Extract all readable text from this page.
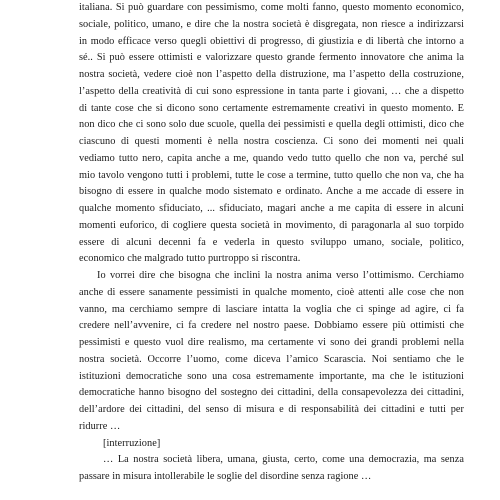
italiana. Si può guardare con pessimismo, come molti fanno, questo momento economico,
sociale, politico, umano, e dire che la nostra società è disgregata, non riesce a indirizzarsi
in modo efficace verso quegli obiettivi di progresso, di giustizia e di libertà che intorno a
sé.. Si può essere ottimisti e valorizzare questo grande fermento innovatore che anima la
nostra società, vedere cioè non l’aspetto della distruzione, ma l’aspetto della costruzione,
l’aspetto della creatività di cui sono espressione in tanta parte i giovani, … che a dispetto
di tante cose che si dicono sono certamente estremamente creativi in questo momento. E
non dico che ci sono solo due scuole, quella dei pessimisti e quella degli ottimisti, dico che
ciascuno di questi momenti è nella nostra coscienza. Ci sono dei momenti nei quali
vediamo tutto nero, capita anche a me, quando vedo tutto quello che non va, perché sul
mio tavolo vengono tutti i problemi, tutte le cose a termine, tutto quello che non va, che ha
bisogno di essere in qualche modo sistemato e ordinato. Anche a me accade di essere in
qualche momento sfiduciato, ... sfiduciato, magari anche a me capita di essere in alcuni
momenti euforico, di cogliere questa società in movimento, di paragonarla al suo torpido
essere di alcuni decenni fa e vederla in questo sviluppo umano, sociale, politico,
economico che malgrado tutto purtroppo si riscontra.
Io vorrei dire che bisogna che inclini la nostra anima verso l’ottimismo. Cerchiamo
anche di essere sanamente pessimisti in qualche momento, cioè attenti alle cose che non
vanno, ma cerchiamo sempre di lasciare intatta la voglia che ci spinge ad agire, ci fa
credere nell’avvenire, ci fa credere nel nostro paese. Dobbiamo essere più ottimisti che
pessimisti e questo vuol dire realismo, ma certamente vi sono dei grandi problemi nella
nostra società. Occorre l’uomo, come diceva l’amico Scarascia. Noi sentiamo che le
istituzioni democratiche sono una cosa estremamente importante, ma che le istituzioni
democratiche hanno bisogno del sostegno dei cittadini, della consapevolezza dei cittadini,
dell’ardore dei cittadini, del senso di misura e di responsabilità dei cittadini e tutti per
ridurre …
[interruzione]
… La nostra società libera, umana, giusta, certo, come una democrazia, ma senza
passare in misura intollerabile le soglie del disordine senza ragione …
